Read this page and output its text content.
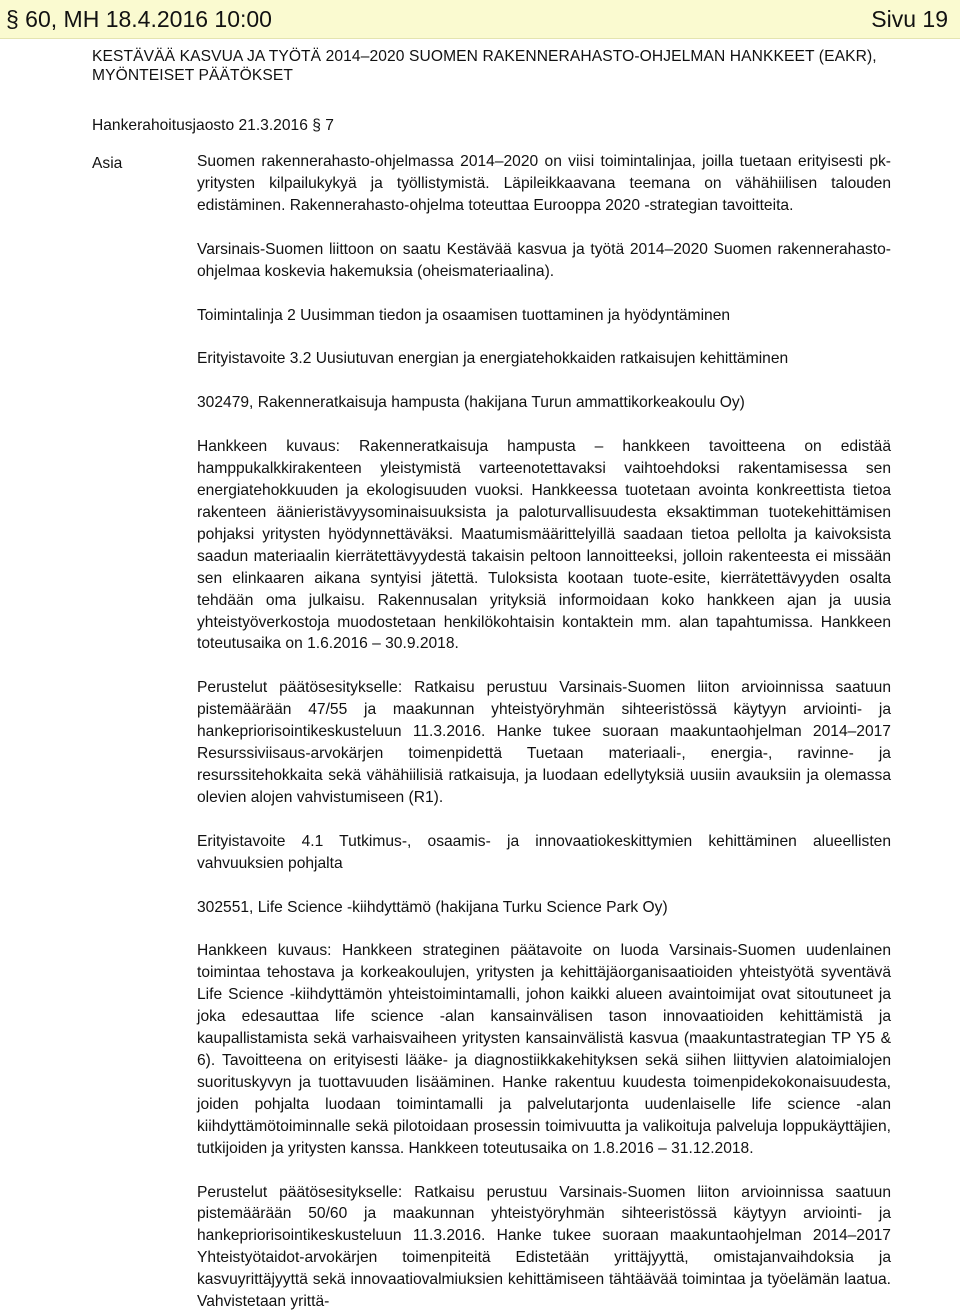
§ 60, MH 18.4.2016 10:00	Sivu 19
KESTÄVÄÄ KASVUA JA TYÖTÄ 2014–2020 SUOMEN RAKENNERAHASTO-OHJELMAN HANKKEET (EAKR), MYÖNTEISET PÄÄTÖKSET
Hankerahoitusjaosto 21.3.2016 § 7
Asia	Suomen rakennerahasto-ohjelmassa 2014–2020 on viisi toimintalinjaa, joilla tuetaan erityisesti pk-yritysten kilpailukykyä ja työllistymistä. Läpileikkaavana teemana on vähähiilisen talouden edistäminen. Rakennerahasto-ohjelma toteuttaa Eurooppa 2020 -strategian tavoitteita.

Varsinais-Suomen liittoon on saatu Kestävää kasvua ja työtä 2014–2020 Suomen rakennerahasto-ohjelmaa koskevia hakemuksia (oheismateriaalina).

Toimintalinja 2 Uusimman tiedon ja osaamisen tuottaminen ja hyödyntäminen

Erityistavoite 3.2 Uusiutuvan energian ja energiatehokkaiden ratkaisujen kehittäminen

302479, Rakenneratkaisuja hampusta (hakijana Turun ammattikorkeakoulu Oy)

Hankkeen kuvaus: Rakenneratkaisuja hampusta – hankkeen tavoitteena on edistää hamppukalkkirakenteen yleistymistä varteenotettavaksi vaihtoehdoksi rakentamisessa sen energiatehokkuuden ja ekologisuuden vuoksi. Hankkeessa tuotetaan avointa konkreettista tietoa rakenteen äänieristävyysominaisuuksista ja paloturvallisuudesta eksaktimman tuotekehittämisen pohjaksi yritysten hyödynnettäväksi. Maatumismäärittelyillä saadaan tietoa pellolta ja kaivoksista saadun materiaalin kierrätettävyydestä takaisin peltoon lannoitteeksi, jolloin rakenteesta ei missään sen elinkaaren aikana syntyisi jätettä. Tuloksista kootaan tuote-esite, kierrätettävyyden osalta tehdään oma julkaisu. Rakennusalan yrityksiä informoidaan koko hankkeen ajan ja uusia yhteistyöverkostoja muodostetaan henkilökohtaisin kontaktein mm. alan tapahtumissa. Hankkeen toteutusaika on 1.6.2016 – 30.9.2018.

Perustelut päätösesitykselle: Ratkaisu perustuu Varsinais-Suomen liiton arvioinnissa saatuun pistemäärään 47/55 ja maakunnan yhteistyöryhmän sihteeristössä käytyyn arviointi- ja hankepriorisointikeskusteluun 11.3.2016. Hanke tukee suoraan maakuntaohjelman 2014–2017 Resurssiviisaus-arvokärjen toimenpidettä Tuetaan materiaali-, energia-, ravinne- ja resurssitehokkaita sekä vähähiilisiä ratkaisuja, ja luodaan edellytyksiä uusiin avauksiin ja olemassa olevien alojen vahvistumiseen (R1).

Erityistavoite 4.1 Tutkimus-, osaamis- ja innovaatiokeskittymien kehittäminen alueellisten vahvuuksien pohjalta

302551, Life Science -kiihdyttämö (hakijana Turku Science Park Oy)

Hankkeen kuvaus: Hankkeen strateginen päätavoite on luoda Varsinais-Suomen uudenlainen toimintaa tehostava ja korkeakoulujen, yritysten ja kehittäjäorganisaatioiden yhteistyötä syventävä Life Science -kiihdyttämön yhteistoimintamalli, johon kaikki alueen avaintoimijat ovat sitoutuneet ja joka edesauttaa life science -alan kansainvälisen tason innovaatioiden kehittämistä ja kaupallistamista sekä varhaisvaiheen yritysten kansainvälistä kasvua (maakuntastrategian TP Y5 & 6). Tavoitteena on erityisesti lääke- ja diagnostiikkakehityksen sekä siihen liittyvien alatoimialojen suorituskyvyn ja tuottavuuden lisääminen. Hanke rakentuu kuudesta toimenpidekokonaisuudesta, joiden pohjalta luodaan toimintamalli ja palvelutarjonta uudenlaiselle life science -alan kiihdyttämötoiminnalle sekä pilotoidaan prosessin toimivuutta ja valikoituja palveluja loppukäyttäjien, tutkijoiden ja yritysten kanssa. Hankkeen toteutusaika on 1.8.2016 – 31.12.2018.

Perustelut päätösesitykselle: Ratkaisu perustuu Varsinais-Suomen liiton arvioinnissa saatuun pistemäärään 50/60 ja maakunnan yhteistyöryhmän sihteeristössä käytyyn arviointi- ja hankepriorisointikeskusteluun 11.3.2016. Hanke tukee suoraan maakuntaohjelman 2014–2017 Yhteistyötaidot-arvokärjen toimenpiteitä Edistetään yrittäjyyttä, omistajanvaihdoksia ja kasvuyrittäjyyttä sekä innovaatiovalmiuksien kehittämiseen tähtäävää toimintaa ja työelämän laatua. Vahvistetaan yrittä-
